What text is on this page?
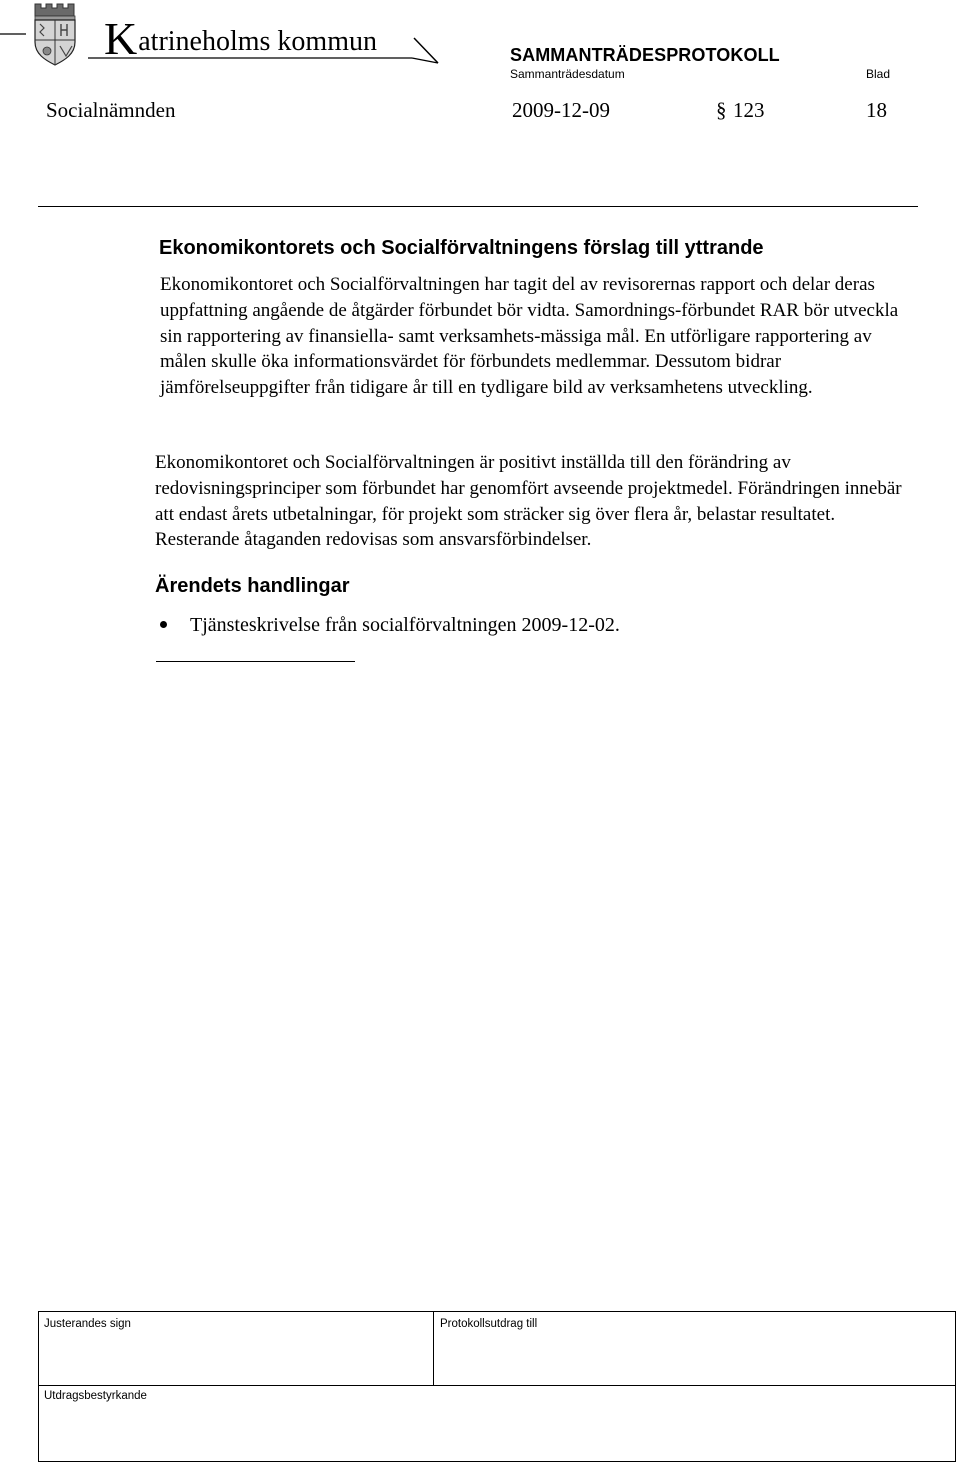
Katrineholms kommun	SAMMANTRÄDESPROTOKOLL
Sammanträdesdatum	Blad
Socialnämnden	2009-12-09	§ 123	18
Ekonomikontorets och Socialförvaltningens förslag till yttrande

Ekonomikontoret och Socialförvaltningen har tagit del av revisorernas rapport och delar deras uppfattning angående de åtgärder förbundet bör vidta. Samordnings-förbundet RAR bör utveckla sin rapportering av finansiella- samt verksamhets-mässiga mål. En utförligare rapportering av målen skulle öka informationsvärdet för förbundets medlemmar. Dessutom bidrar jämförelseuppgifter från tidigare år till en tydligare bild av verksamhetens utveckling.

Ekonomikontoret och Socialförvaltningen är positivt inställda till den förändring av redovisningsprinciper som förbundet har genomfört avseende projektmedel. Förändringen innebär att endast årets utbetalningar, för projekt som sträcker sig över flera år, belastar resultatet. Resterande åtaganden redovisas som ansvarsförbindelser.

Ärendets handlingar
Tjänsteskrivelse från socialförvaltningen 2009-12-02.
Justerandes sign	Protokollsutdrag till
Utdragsbestyrkande
